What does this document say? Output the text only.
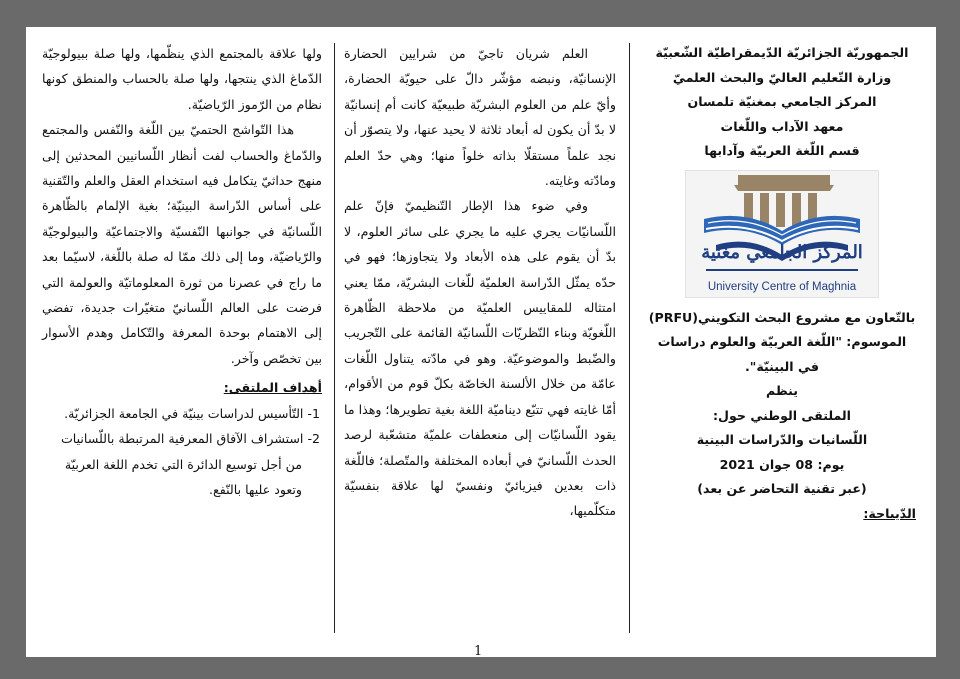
الجمهوريّة الجزائريّة الدّيمقراطيّة الشّعبيّة
وزارة التّعليم العاليّ والبحث العلميّ
المركز الجامعي بمغنيّة تلمسان
معهد الآداب واللّغات
قسم اللّغة العربيّة وآدابها
المركز الجامعي مغنية
University Centre of Maghnia
بالتّعاون مع مشروع البحث التكويني(PRFU)
الموسوم: "اللّغة العربيّة والعلوم دراسات في البينيّة".
ينظم
الملتقى الوطني حول:
اللّسانيات والدّراسات البينية
يوم: 08 جوان 2021
(عبر تقنية التحاضر عن بعد)
الدّيباجة:

العلم شريان تاجيّ من شرايين الحضارة الإنسانيّة، ونبضه مؤشّر دالّ على حيويّة الحضارة، وأيّ علم من العلوم البشريّة طبيعيّة كانت أم إنسانيّة لا بدّ أن يكون له أبعاد ثلاثة لا يحيد عنها، ولا يتصوّر أن نجد علماً مستقلّا بذاته خلواً منها؛ وهي حدّ العلم ومادّته وغايته.

وفي ضوء هذا الإطار التّنظيميّ فإنّ علم اللّسانيّات يجري عليه ما يجري على سائر العلوم، لا بدّ أن يقوم على هذه الأبعاد ولا يتجاوزها؛ فهو في حدّه يمثّل الدّراسة العلميّة للّغات البشريّة، ممّا يعني امتثاله للمقاييس العلميّة من ملاحظة الظّاهرة اللّغويّة وبناء النّظريّات اللّسانيّة القائمة على التّجريب والضّبط والموضوعيّة. وهو في مادّته يتناول اللّغات عامّة من خلال الألسنة الخاصّة بكلّ قوم من الأقوام، أمّا غايته فهي تتبّع ديناميّة اللغة بغية تطويرها؛ وهذا ما يقود اللّسانيّات إلى منعطفات علميّة متشعّبة لرصد الحدث اللّسانيّ في أبعاده المختلفة والمتّصلة؛ فاللّغة ذات بعدين فيزيائيّ ونفسيّ لها علاقة بنفسيّة متكلّميها،

ولها علاقة بالمجتمع الذي ينظّمها، ولها صلة ببيولوجيّة الدّماغ الذي ينتجها، ولها صلة بالحساب والمنطق كونها نظام من الرّموز الرّياضيّة.

هذا التّواشج الحتميّ بين اللّغة والنّفس والمجتمع والدّماغ والحساب لفت أنظار اللّسانيين المحدثين إلى منهج حداثيّ يتكامل فيه استخدام العقل والعلم والتّقنية على أساس الدّراسة البينيّة؛ بغية الإلمام بالظّاهرة اللّسانيّة في جوانبها النّفسيّة والاجتماعيّة والبيولوجيّة والرّياضيّة، وما إلى ذلك ممّا له صلة باللّغة، لاسيّما بعد ما راج في عصرنا من ثورة المعلوماتيّة والعولمة التي فرضت على العالم اللّسانيّ متغيّرات جديدة، تفضي إلى الاهتمام بوحدة المعرفة والتّكامل وهدم الأسوار بين تخصّص وآخر.

أهداف الملتقى:
1- التّأسيس لدراسات بينيّة في الجامعة الجزائريّة.
2- استشراف الآفاق المعرفية المرتبطة باللّسانيات
من أجل توسيع الدائرة التي تخدم اللغة العربيّة
وتعود عليها بالنّفع.
1
